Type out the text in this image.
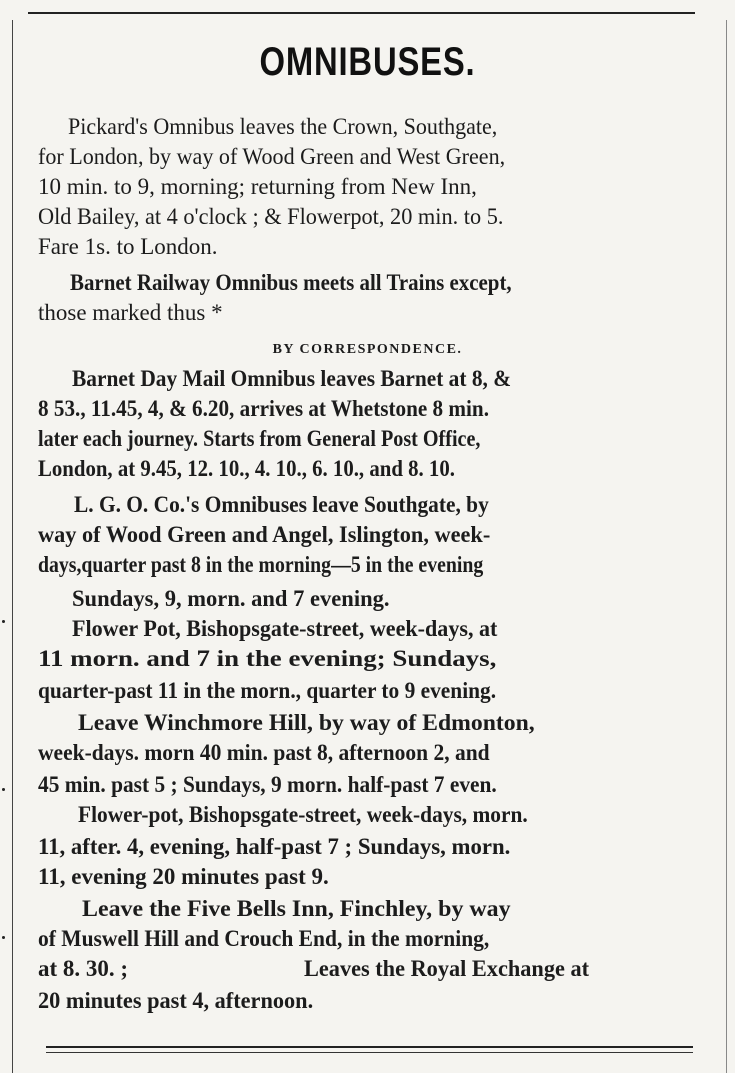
OMNIBUSES.
Pickard's Omnibus leaves the Crown, Southgate,
for London, by way of Wood Green and West Green,
10 min. to 9, morning; returning from New Inn,
Old Bailey, at 4 o'clock ; & Flowerpot, 20 min. to 5.
Fare 1s. to London.
Barnet Railway Omnibus meets all Trains except,
those marked thus *
BY CORRESPONDENCE.
Barnet Day Mail Omnibus leaves Barnet at 8, &
8 53., 11.45, 4, & 6.20, arrives at Whetstone 8 min.
later each journey. Starts from General Post Office,
London, at 9.45, 12. 10., 4. 10., 6. 10., and 8. 10.
L. G. O. Co.'s Omnibuses leave Southgate, by
way of Wood Green and Angel, Islington, week-
days,quarter past 8 in the morning—5 in the evening
Sundays, 9, morn. and 7 evening.
Flower Pot, Bishopsgate-street, week-days, at
11 morn. and 7 in the evening; Sundays,
quarter-past 11 in the morn., quarter to 9 evening.
Leave Winchmore Hill, by way of Edmonton,
week-days. morn 40 min. past 8, afternoon 2, and
45 min. past 5 ; Sundays, 9 morn. half-past 7 even.
Flower-pot, Bishopsgate-street, week-days, morn.
11, after. 4, evening, half-past 7 ; Sundays, morn.
11, evening 20 minutes past 9.
Leave the Five Bells Inn, Finchley, by way
of Muswell Hill and Crouch End, in the morning,
at 8. 30. ;	Leaves the Royal Exchange at
20 minutes past 4, afternoon.
